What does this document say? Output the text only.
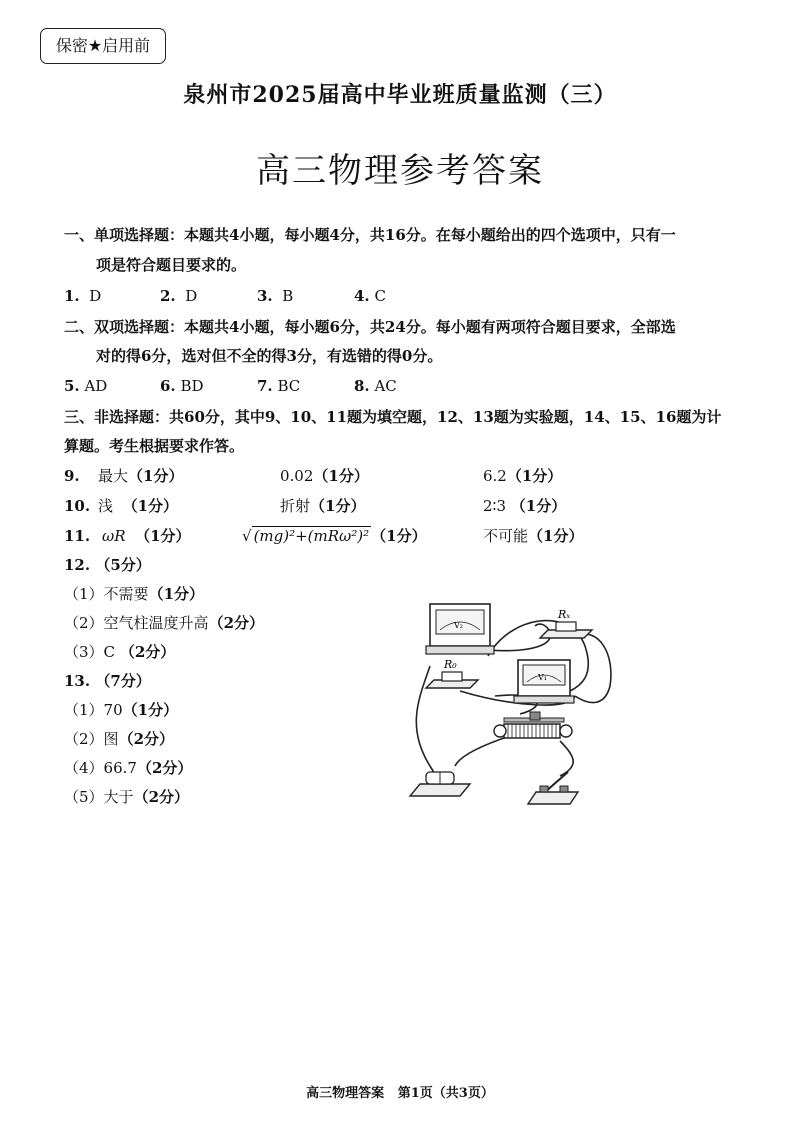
保密★启用前
泉州市2025届高中毕业班质量监测（三）
高三物理参考答案
一、单项选择题：本题共4小题，每小题4分，共16分。在每小题给出的四个选项中，只有一
项是符合题目要求的。
1. D	2. D	3. B	4. C
二、双项选择题：本题共4小题，每小题6分，共24分。每小题有两项符合题目要求，全部选
对的得6分，选对但不全的得3分，有选错的得0分。
5. AD	6. BD	7. BC	8. AC
三、非选择题：共60分，其中9、10、11题为填空题，12、13题为实验题，14、15、16题为计
算题。考生根据要求作答。
9. 最大（1分）	0.02（1分）	6.2（1分）
10. 浅 （1分）	折射（1分）	2∶3 （1分）
11. ωR （1分）	√ (mg)²+(mRω²)² （1分）	不可能（1分）
12. （5分）
（1）不需要（1分）
（2）空气柱温度升高（2分）
（3）C （2分）
13. （7分）
（1）70（1分）
（2）图（2分）
（4）66.7（2分）
（5）大于（2分）
V₂
V₁
R₀
Rₓ
高三物理答案 第1页（共3页）
